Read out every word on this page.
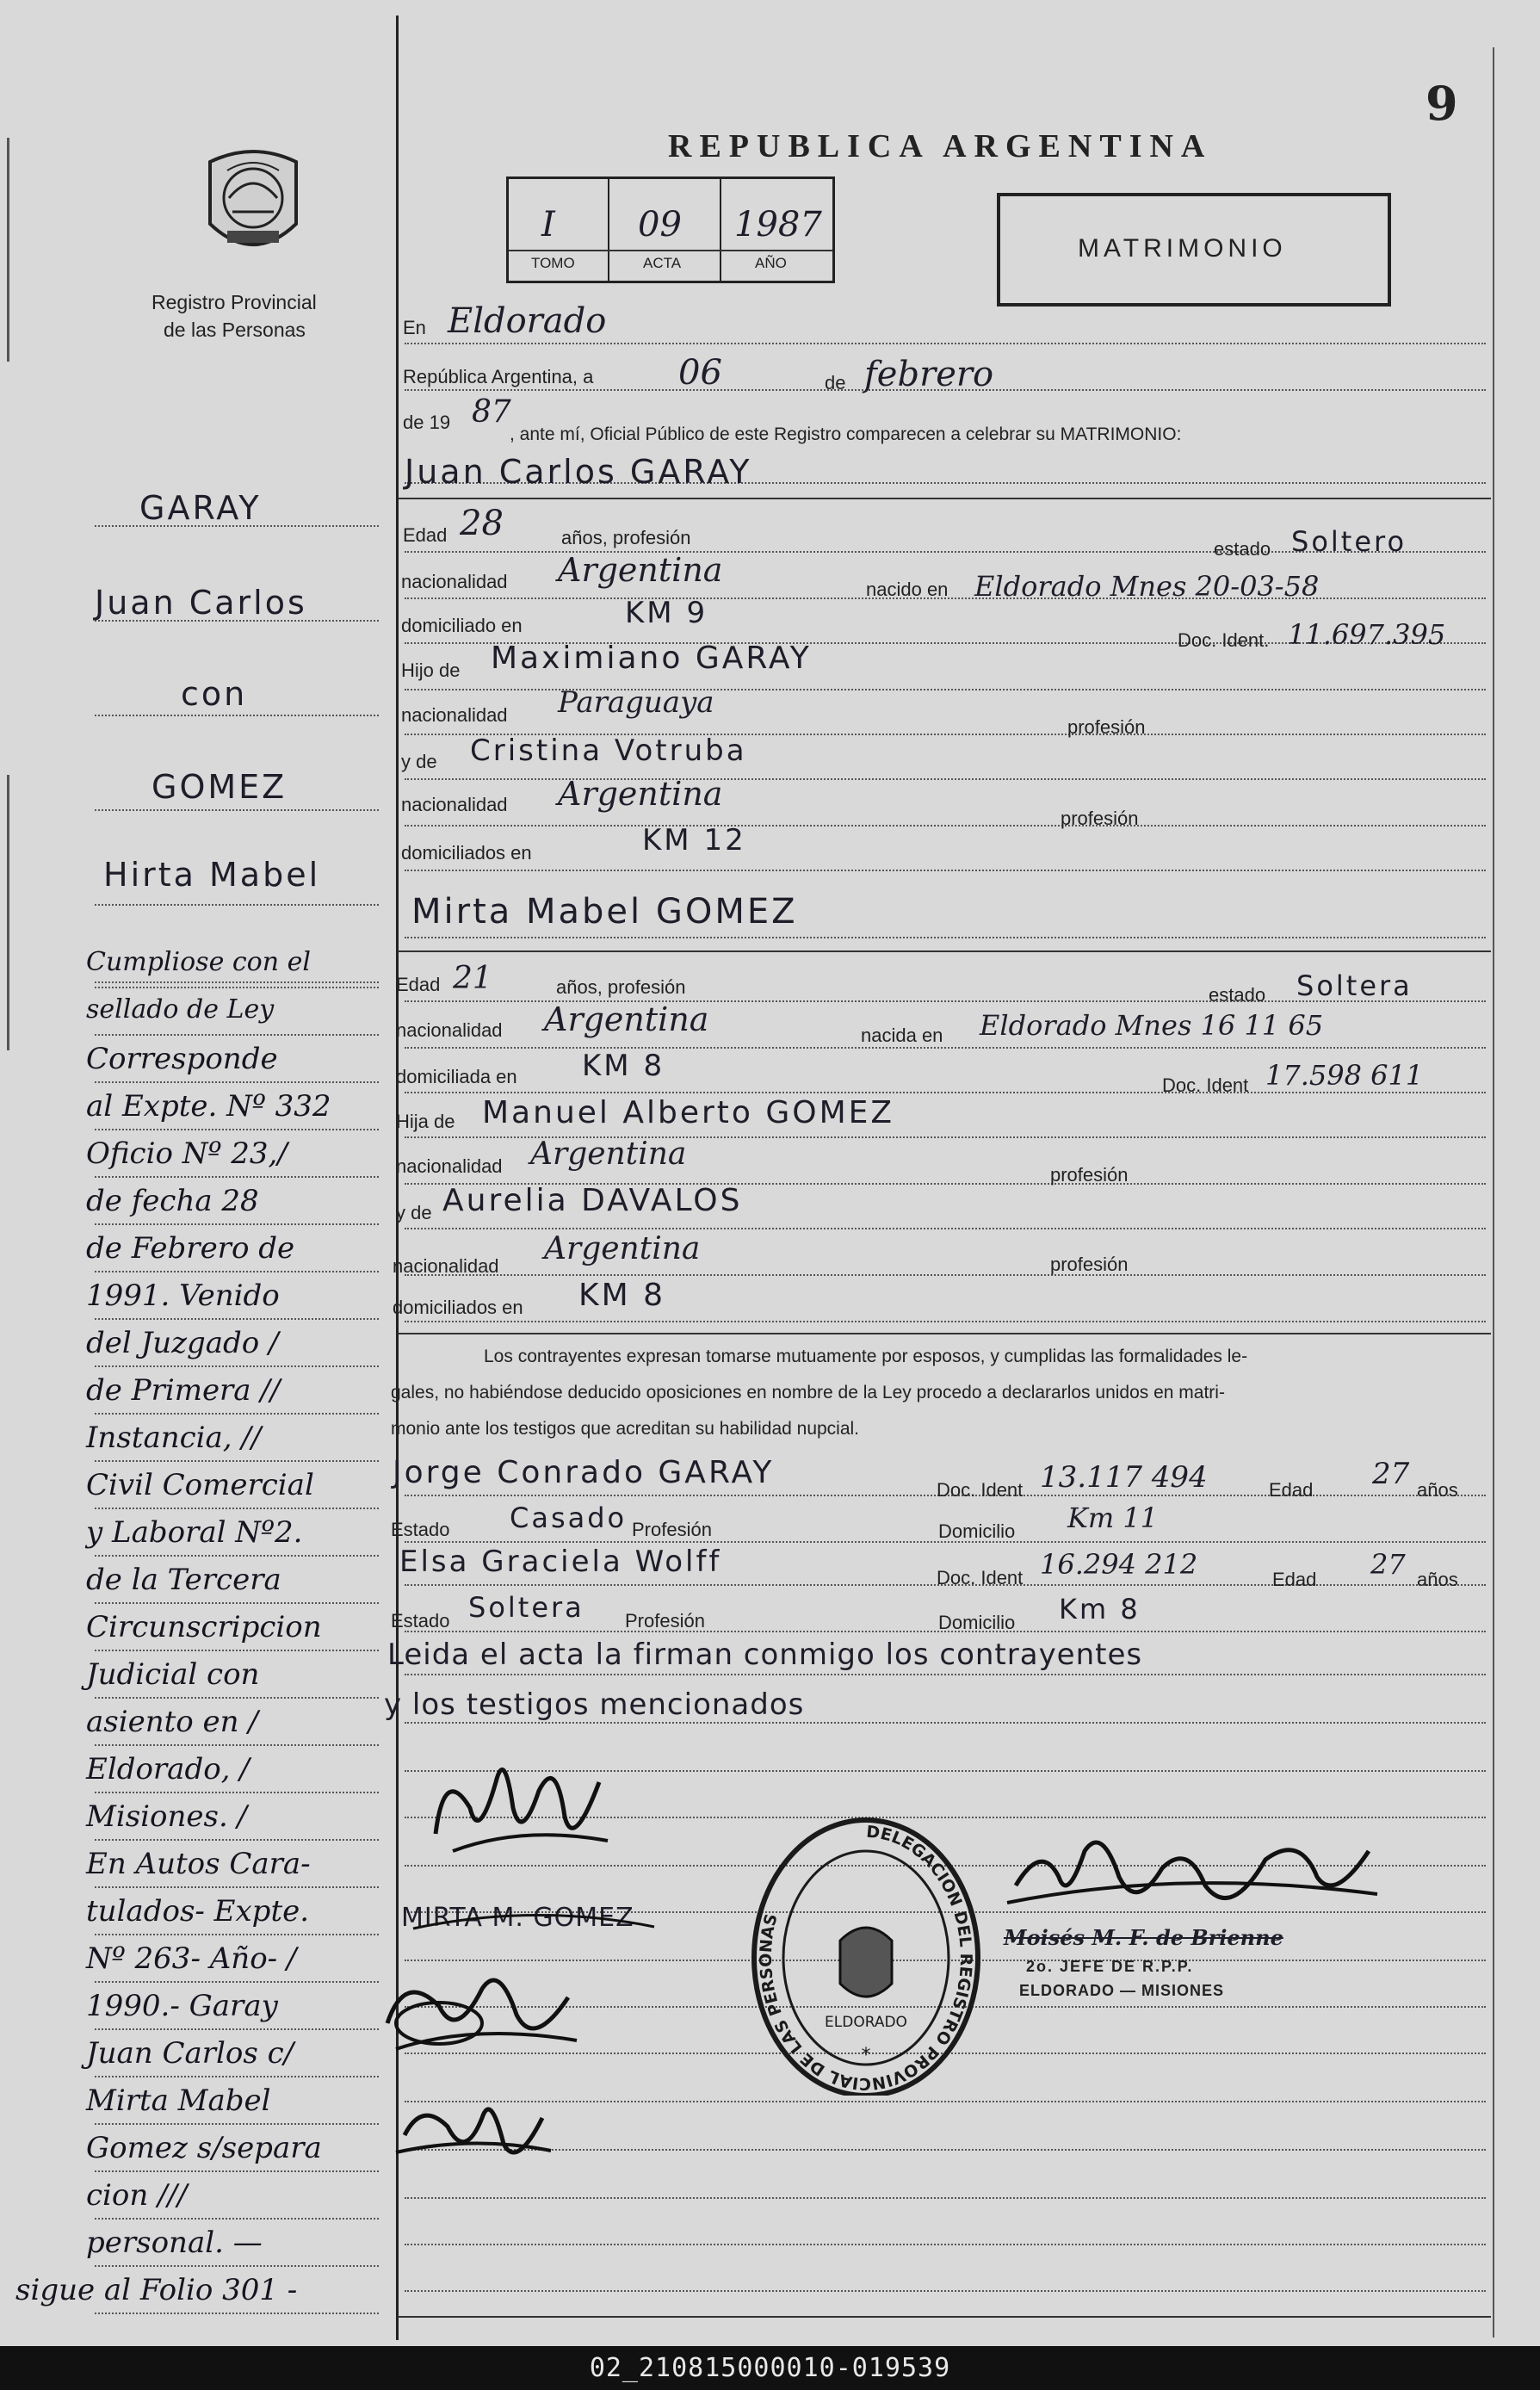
9
REPUBLICA ARGENTINA
Registro Provincial
de las Personas
I 09 1987
TOMO	ACTA	AÑO
MATRIMONIO
GARAY
Juan Carlos
con
GOMEZ
Hirta Mabel
Cumpliose con el
sellado de Ley
Corresponde
al Expte. Nº 332
Oficio Nº 23,/
de fecha 28
de Febrero de
1991. Venido
del Juzgado /
de Primera //
Instancia, //
Civil Comercial
y Laboral Nº2.
de la Tercera
Circunscripcion
Judicial con
asiento en /
Eldorado, /
Misiones. /
En Autos Cara-
tulados- Expte.
Nº 263- Año- /
1990.- Garay
Juan Carlos c/
Mirta Mabel
Gomez s/separa
cion ///
personal. —
sigue al Folio 301 -
En Eldorado
República Argentina, a 06	de febrero
de 19 87
, ante mí, Oficial Público de este Registro comparecen a celebrar su MATRIMONIO:
Juan Carlos GARAY
Edad 28	años, profesión
estado Soltero
nacionalidad Argentina
nacido en Eldorado Mnes 20-03-58
domiciliado en	KM 9
Doc. Ident. 11.697.395
Hijo de Maximiano GARAY
nacionalidad Paraguaya
profesión
y de Cristina Votruba
nacionalidad Argentina
profesión
domiciliados en	KM 12
Mirta Mabel GOMEZ
Edad 21	años, profesión	estado Soltera
nacionalidad Argentina	nacida en Eldorado Mnes 16 11 65
domiciliada en KM 8
Doc. Ident 17.598 611
Hija de Manuel Alberto GOMEZ
nacionalidad Argentina
profesión
y de Aurelia DAVALOS
nacionalidad Argentina	profesión
domiciliados en KM 8
Los contrayentes expresan tomarse mutuamente por esposos, y cumplidas las formalidades le-
gales, no habiéndose deducido oposiciones en nombre de la Ley procedo a declararlos unidos en matri-
monio ante los testigos que acreditan su habilidad nupcial.
Jorge Conrado GARAY	Doc. Ident 13.117 494	Edad 27 años
Estado Casado Profesión	Domicilio Km 11
Elsa Graciela Wolff	Doc. Ident 16.294 212	Edad 27 años
Estado Soltera Profesión	Domicilio Km 8
Leida el acta la firman conmigo los contrayentes
y los testigos mencionados
MIRTA M. GOMEZ
DELEGACION DEL REGISTRO PROVINCIAL DE LAS PERSONAS
ELDORADO
*
Moisés M. F. de Brienne
2o. JEFE DE R.P.P.
ELDORADO — MISIONES
02_210815000010-019539
